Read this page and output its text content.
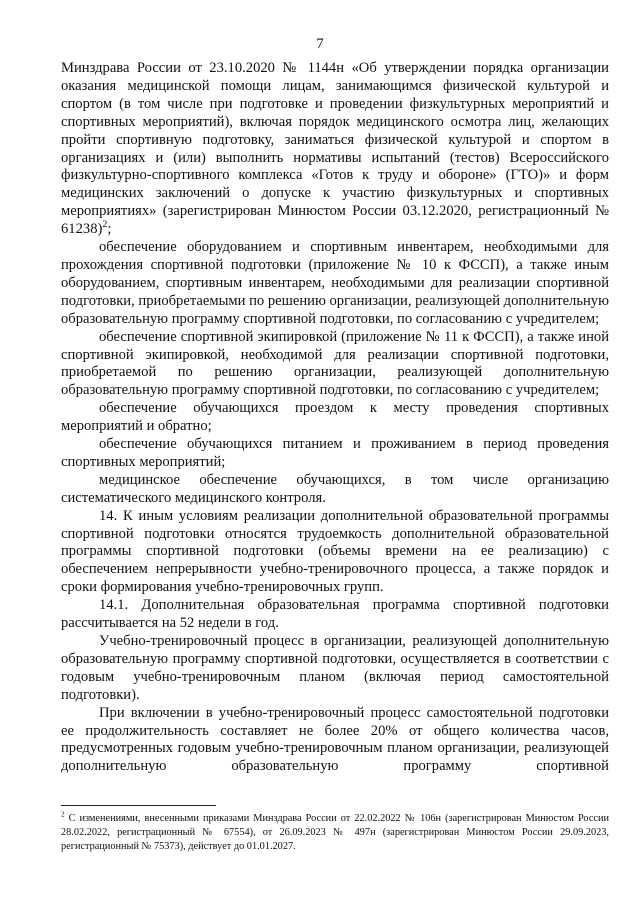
7

Минздрава России от 23.10.2020 № 1144н «Об утверждении порядка организации оказания медицинской помощи лицам, занимающимся физической культурой и спортом (в том числе при подготовке и проведении физкультурных мероприятий и спортивных мероприятий), включая порядок медицинского осмотра лиц, желающих пройти спортивную подготовку, заниматься физической культурой и спортом в организациях и (или) выполнить нормативы испытаний (тестов) Всероссийского физкультурно-спортивного комплекса «Готов к труду и обороне» (ГТО)» и форм медицинских заключений о допуске к участию физкультурных и спортивных мероприятиях» (зарегистрирован Минюстом России 03.12.2020, регистрационный № 61238)$^2$;

обеспечение оборудованием и спортивным инвентарем, необходимыми для прохождения спортивной подготовки (приложение № 10 к ФССП), а также иным оборудованием, спортивным инвентарем, необходимыми для реализации спортивной подготовки, приобретаемыми по решению организации, реализующей дополнительную образовательную программу спортивной подготовки, по согласованию с учредителем;

обеспечение спортивной экипировкой (приложение № 11 к ФССП), а также иной спортивной экипировкой, необходимой для реализации спортивной подготовки, приобретаемой по решению организации, реализующей дополнительную образовательную программу спортивной подготовки, по согласованию с учредителем;

обеспечение обучающихся проездом к месту проведения спортивных мероприятий и обратно;

обеспечение обучающихся питанием и проживанием в период проведения спортивных мероприятий;

медицинское обеспечение обучающихся, в том числе организацию систематического медицинского контроля.

14. К иным условиям реализации дополнительной образовательной программы спортивной подготовки относятся трудоемкость дополнительной образовательной программы спортивной подготовки (объемы времени на ее реализацию) с обеспечением непрерывности учебно-тренировочного процесса, а также порядок и сроки формирования учебно-тренировочных групп.

14.1. Дополнительная образовательная программа спортивной подготовки рассчитывается на 52 недели в год.

Учебно-тренировочный процесс в организации, реализующей дополнительную образовательную программу спортивной подготовки, осуществляется в соответствии с годовым учебно-тренировочным планом (включая период самостоятельной подготовки).

При включении в учебно-тренировочный процесс самостоятельной подготовки ее продолжительность составляет не более 20% от общего количества часов, предусмотренных годовым учебно-тренировочным планом организации, реализующей дополнительную образовательную программу спортивной

$^2$ С изменениями, внесенными приказами Минздрава России от 22.02.2022 № 106н (зарегистрирован Минюстом России 28.02.2022, регистрационный № 67554), от 26.09.2023 № 497н (зарегистрирован Минюстом России 29.09.2023, регистрационный № 75373), действует до 01.01.2027.
